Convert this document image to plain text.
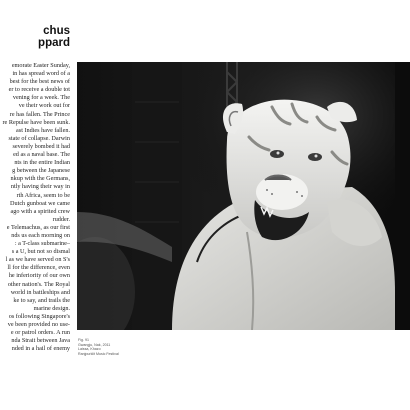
chus
ppard
emorate Easter Sunday,
in has spread word of a
best for the best news of
er to receive a double tot
vening for a week. The
ve their work out for
re has fallen. The Prince
re Repulse have been sunk.
ast Indies have fallen.
state of collapse. Darwin
severely bombed it had
ed as a naval base. The
nts in the entire Indian
g between the Japanese
nkup with the Germans,
ntly having their way in
rth Africa, seem to be
Dutch gunboat we came
ago with a spirited crew
rudder.
e Telemachus, as our first
nds us each morning on
: a T-class submarine–
s a U, but not so dismal
l as we have served on S's
ll for the difference, even
he inferiority of our own
other nation's. The Royal
world in battleships and
ke to say, and trails the
marine design.
os following Singapore's
ve been provided no use-
e or patrol orders. A run
nda Strait between Java
nded in a hail of enemy
Fig. 91
Gwangju, Nak, 2011
Laissa, Khazo
Ranjpurklit Music Festival
